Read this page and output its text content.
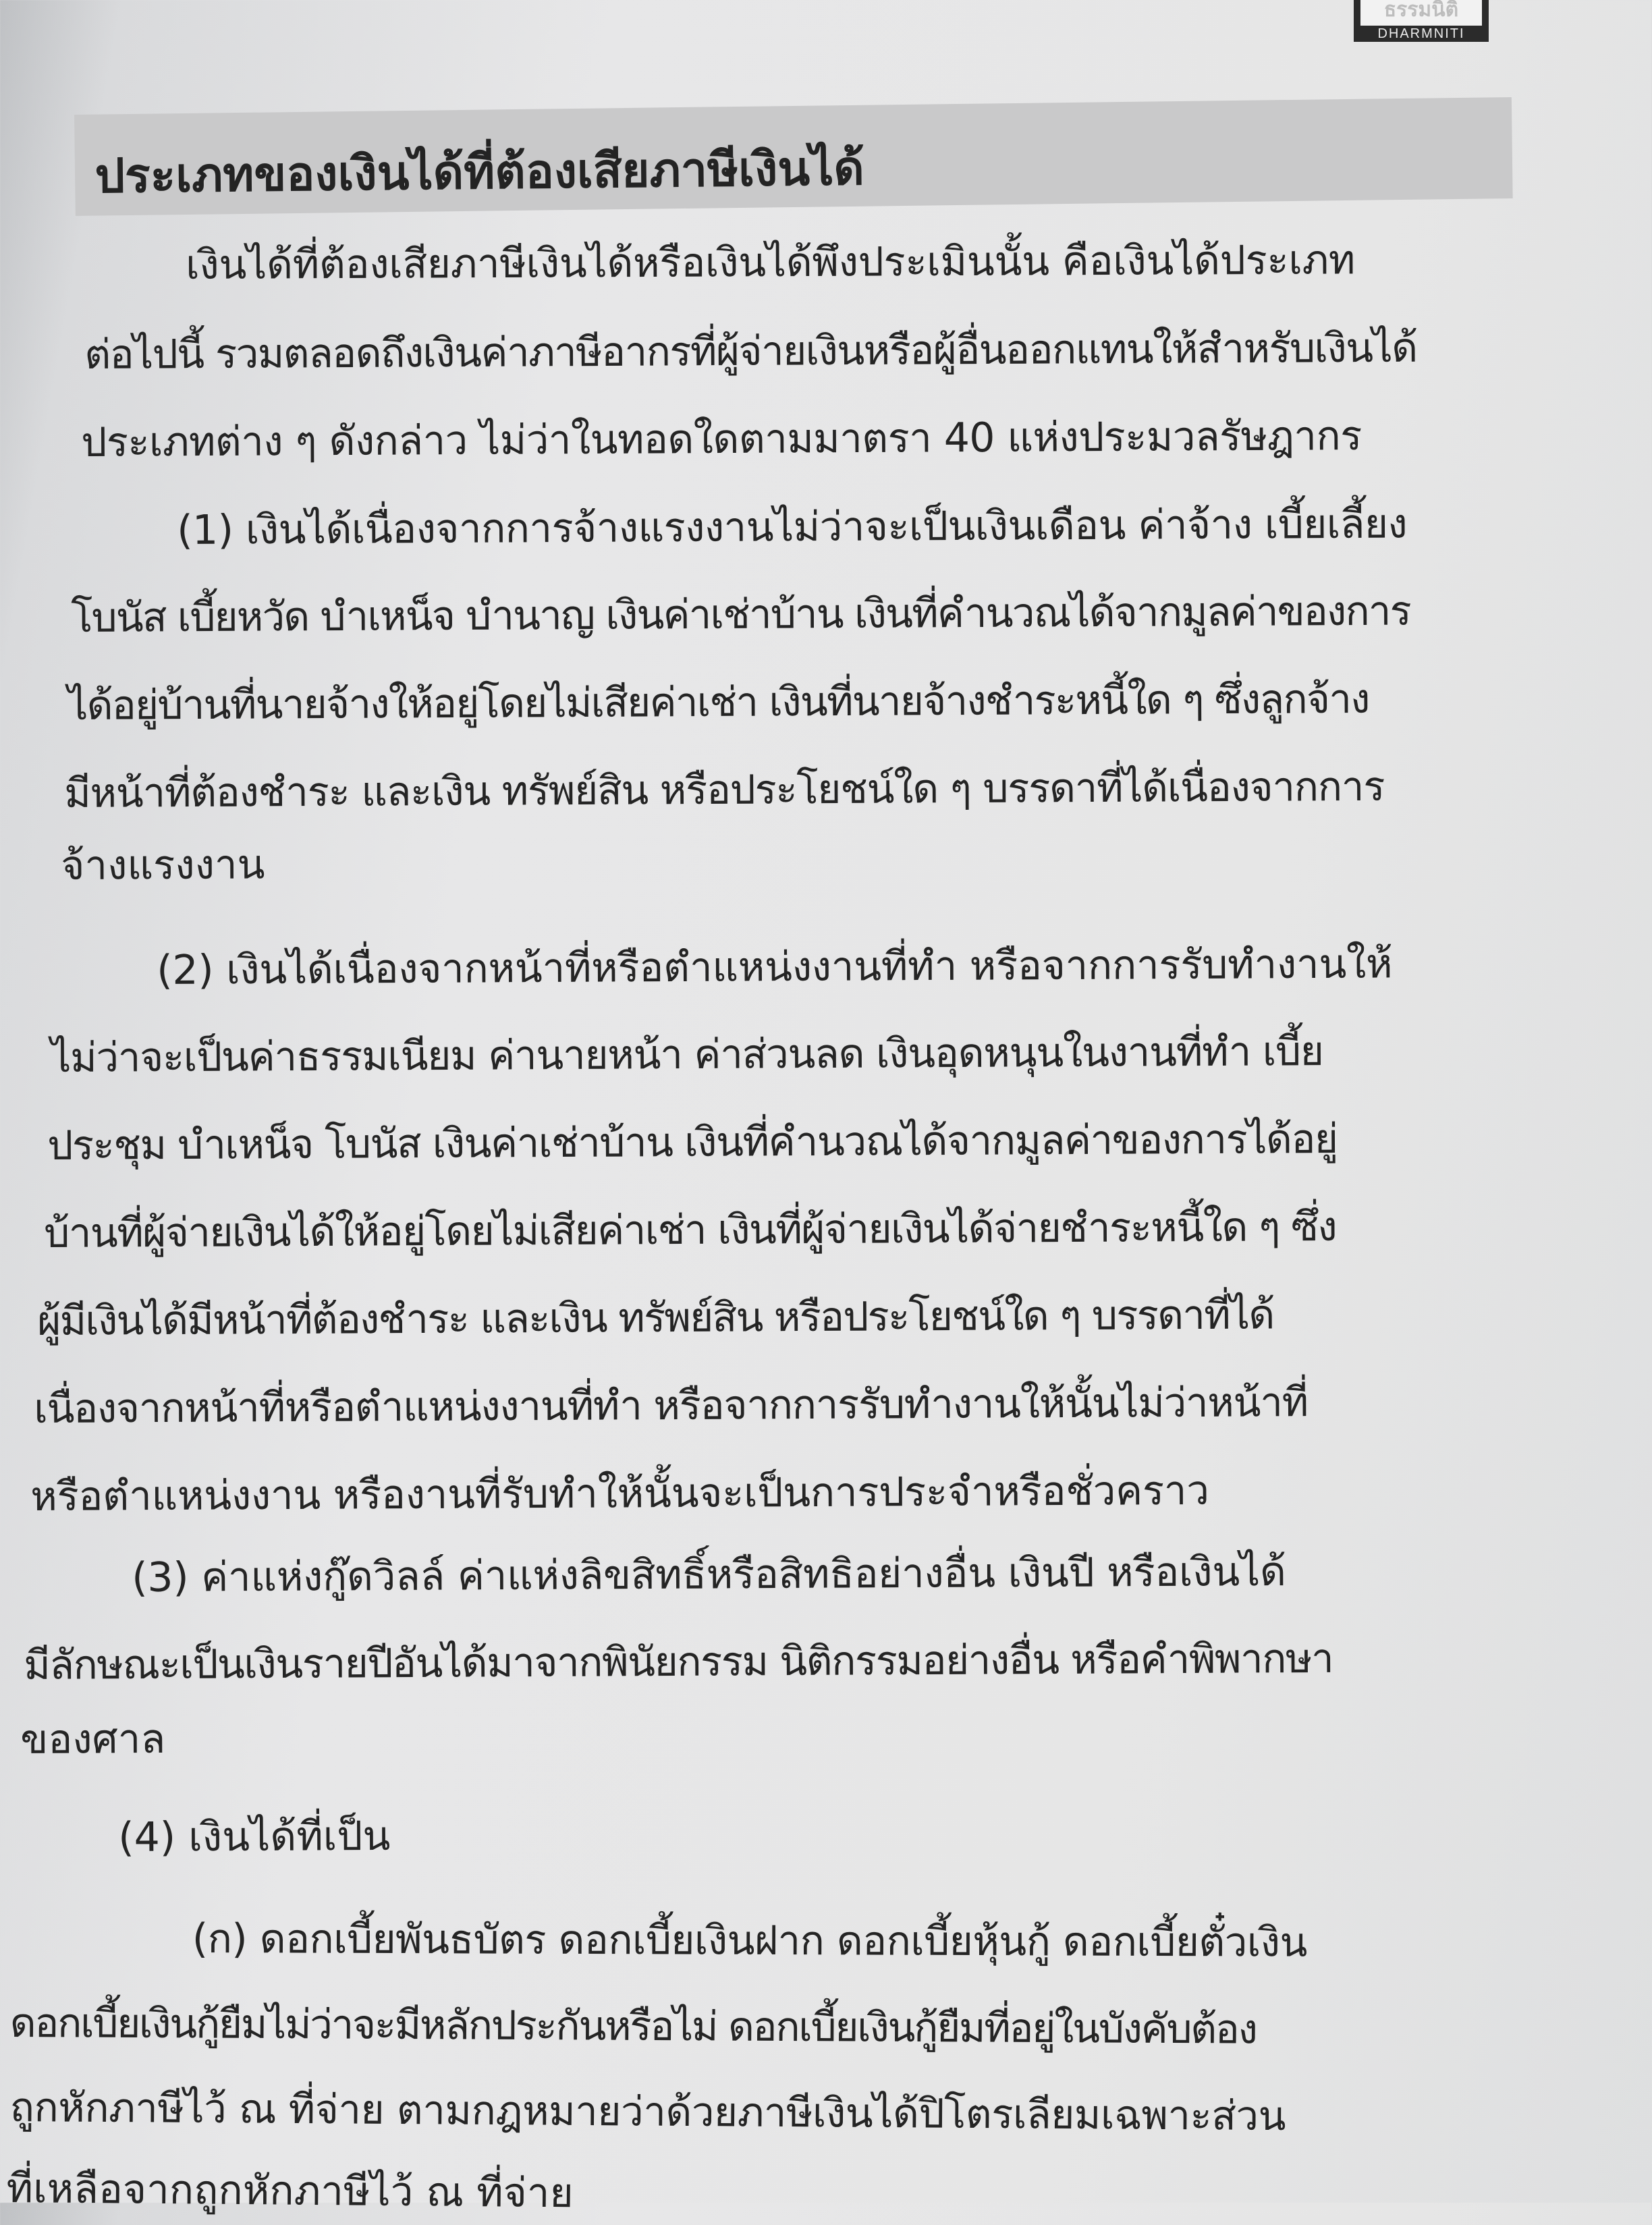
ธรรมนิติ
DHARMNITI
ประเภทของเงินได้ที่ต้องเสียภาษีเงินได้
เงินได้ที่ต้องเสียภาษีเงินได้หรือเงินได้พึงประเมินนั้น คือเงินได้ประเภท
ต่อไปนี้ รวมตลอดถึงเงินค่าภาษีอากรที่ผู้จ่ายเงินหรือผู้อื่นออกแทนให้สำหรับเงินได้
ประเภทต่าง ๆ ดังกล่าว ไม่ว่าในทอดใดตามมาตรา 40 แห่งประมวลรัษฎากร
(1) เงินได้เนื่องจากการจ้างแรงงานไม่ว่าจะเป็นเงินเดือน ค่าจ้าง เบี้ยเลี้ยง
โบนัส เบี้ยหวัด บำเหน็จ บำนาญ เงินค่าเช่าบ้าน เงินที่คำนวณได้จากมูลค่าของการ
ได้อยู่บ้านที่นายจ้างให้อยู่โดยไม่เสียค่าเช่า เงินที่นายจ้างชำระหนี้ใด ๆ ซึ่งลูกจ้าง
มีหน้าที่ต้องชำระ และเงิน ทรัพย์สิน หรือประโยชน์ใด ๆ บรรดาที่ได้เนื่องจากการ
จ้างแรงงาน
(2) เงินได้เนื่องจากหน้าที่หรือตำแหน่งงานที่ทำ หรือจากการรับทำงานให้
ไม่ว่าจะเป็นค่าธรรมเนียม ค่านายหน้า ค่าส่วนลด เงินอุดหนุนในงานที่ทำ เบี้ย
ประชุม บำเหน็จ โบนัส เงินค่าเช่าบ้าน เงินที่คำนวณได้จากมูลค่าของการได้อยู่
บ้านที่ผู้จ่ายเงินได้ให้อยู่โดยไม่เสียค่าเช่า เงินที่ผู้จ่ายเงินได้จ่ายชำระหนี้ใด ๆ ซึ่ง
ผู้มีเงินได้มีหน้าที่ต้องชำระ และเงิน ทรัพย์สิน หรือประโยชน์ใด ๆ บรรดาที่ได้
เนื่องจากหน้าที่หรือตำแหน่งงานที่ทำ หรือจากการรับทำงานให้นั้นไม่ว่าหน้าที่
หรือตำแหน่งงาน หรืองานที่รับทำให้นั้นจะเป็นการประจำหรือชั่วคราว
(3) ค่าแห่งกู๊ดวิลล์ ค่าแห่งลิขสิทธิ์หรือสิทธิอย่างอื่น เงินปี หรือเงินได้
มีลักษณะเป็นเงินรายปีอันได้มาจากพินัยกรรม นิติกรรมอย่างอื่น หรือคำพิพากษา
ของศาล
(4) เงินได้ที่เป็น
(ก) ดอกเบี้ยพันธบัตร ดอกเบี้ยเงินฝาก ดอกเบี้ยหุ้นกู้ ดอกเบี้ยตั๋วเงิน
ดอกเบี้ยเงินกู้ยืมไม่ว่าจะมีหลักประกันหรือไม่ ดอกเบี้ยเงินกู้ยืมที่อยู่ในบังคับต้อง
ถูกหักภาษีไว้ ณ ที่จ่าย ตามกฎหมายว่าด้วยภาษีเงินได้ปิโตรเลียมเฉพาะส่วน
ที่เหลือจากถูกหักภาษีไว้ ณ ที่จ่าย
